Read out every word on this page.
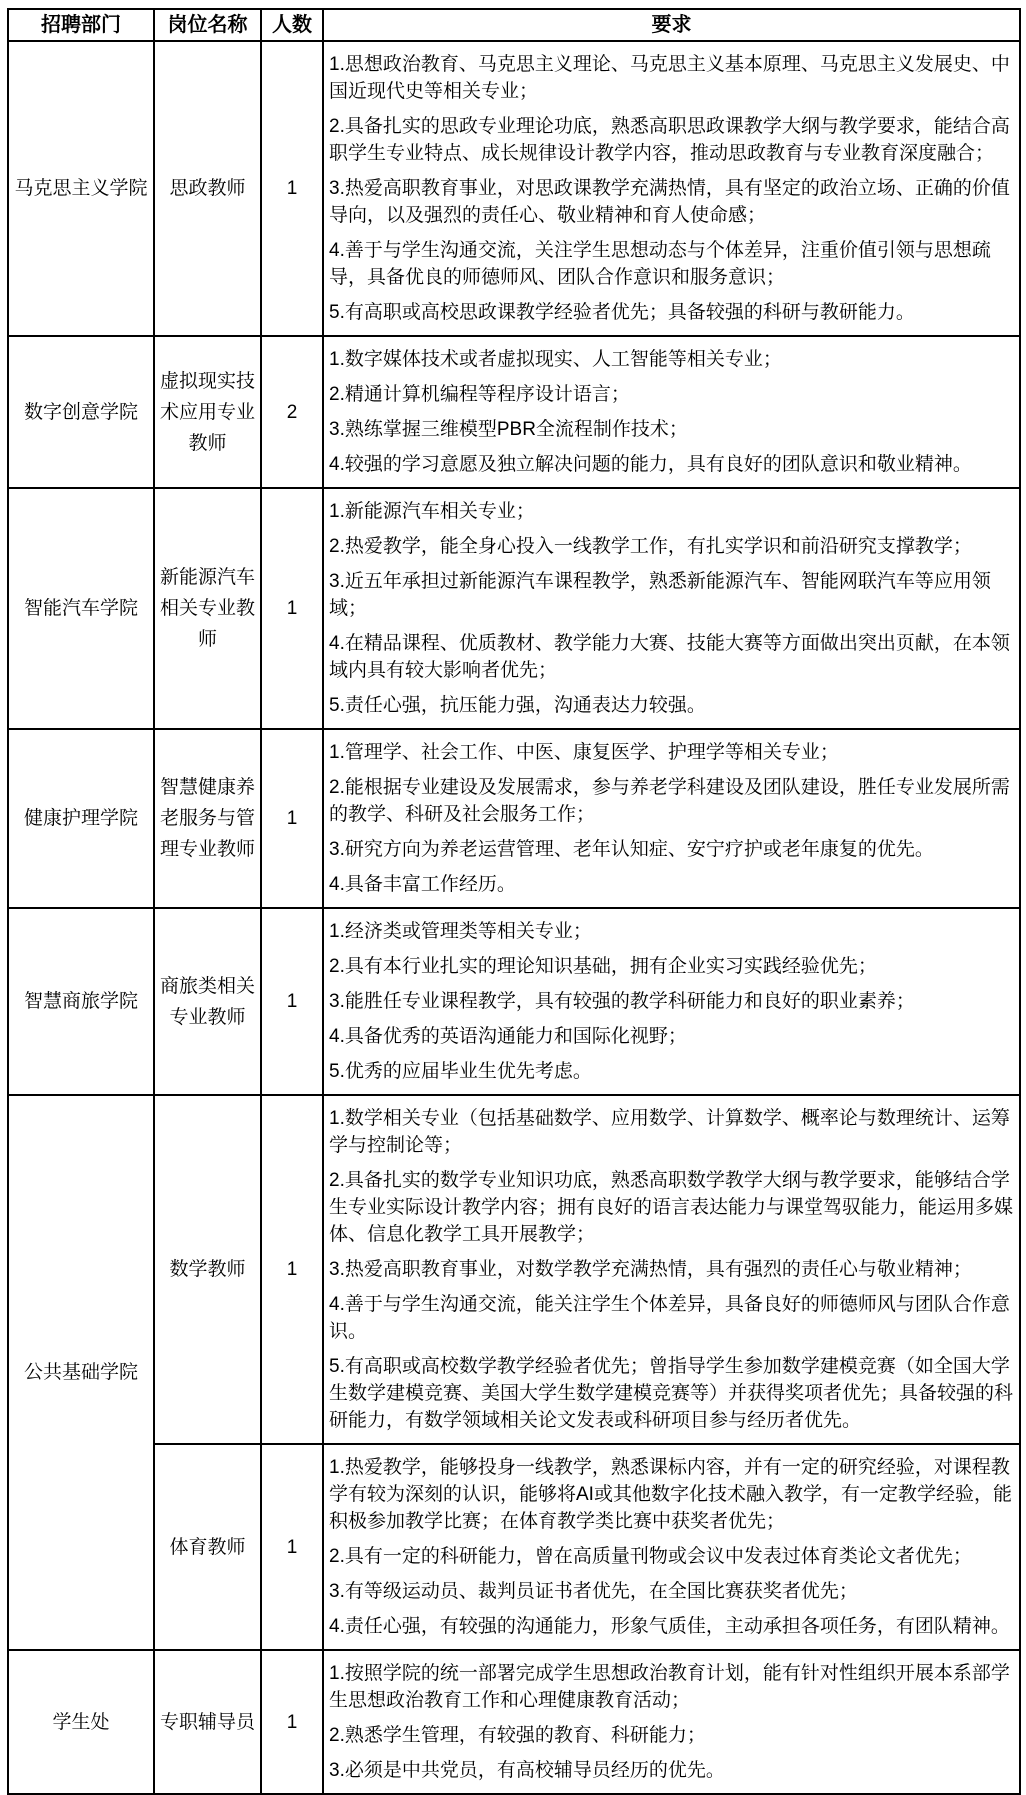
招聘部门	岗位名称	人数	要求
马克思主义学院	思政教师	1	1.思想政治教育、马克思主义理论、马克思主义基本原理、马克思主义发展史、中国近现代史等相关专业；

2.具备扎实的思政专业理论功底，熟悉高职思政课教学大纲与教学要求，能结合高职学生专业特点、成长规律设计教学内容，推动思政教育与专业教育深度融合；

3.热爱高职教育事业，对思政课教学充满热情，具有坚定的政治立场、正确的价值导向，以及强烈的责任心、敬业精神和育人使命感；

4.善于与学生沟通交流，关注学生思想动态与个体差异，注重价值引领与思想疏导，具备优良的师德师风、团队合作意识和服务意识；

5.有高职或高校思政课教学经验者优先；具备较强的科研与教研能力。

数字创意学院	虚拟现实技术应用专业教师	2	1.数字媒体技术或者虚拟现实、人工智能等相关专业；

2.精通计算机编程等程序设计语言；

3.熟练掌握三维模型PBR全流程制作技术；

4.较强的学习意愿及独立解决问题的能力，具有良好的团队意识和敬业精神。

智能汽车学院	新能源汽车相关专业教师	1	1.新能源汽车相关专业；

2.热爱教学，能全身心投入一线教学工作，有扎实学识和前沿研究支撑教学；

3.近五年承担过新能源汽车课程教学，熟悉新能源汽车、智能网联汽车等应用领域；

4.在精品课程、优质教材、教学能力大赛、技能大赛等方面做出突出页献，在本领域内具有较大影响者优先；

5.责任心强，抗压能力强，沟通表达力较强。

健康护理学院	智慧健康养老服务与管理专业教师	1	1.管理学、社会工作、中医、康复医学、护理学等相关专业；

2.能根据专业建设及发展需求，参与养老学科建设及团队建设，胜任专业发展所需的教学、科研及社会服务工作；

3.研究方向为养老运营管理、老年认知症、安宁疗护或老年康复的优先。

4.具备丰富工作经历。

智慧商旅学院	商旅类相关专业教师	1	1.经济类或管理类等相关专业；

2.具有本行业扎实的理论知识基础，拥有企业实习实践经验优先；

3.能胜任专业课程教学，具有较强的教学科研能力和良好的职业素养；

4.具备优秀的英语沟通能力和国际化视野；

5.优秀的应届毕业生优先考虑。

公共基础学院	数学教师	1	1.数学相关专业（包括基础数学、应用数学、计算数学、概率论与数理统计、运筹学与控制论等；

2.具备扎实的数学专业知识功底，熟悉高职数学教学大纲与教学要求，能够结合学生专业实际设计教学内容；拥有良好的语言表达能力与课堂驾驭能力，能运用多媒体、信息化教学工具开展教学；

3.热爱高职教育事业，对数学教学充满热情，具有强烈的责任心与敬业精神；

4.善于与学生沟通交流，能关注学生个体差异，具备良好的师德师风与团队合作意识。

5.有高职或高校数学教学经验者优先；曾指导学生参加数学建模竞赛（如全国大学生数学建模竞赛、美国大学生数学建模竞赛等）并获得奖项者优先；具备较强的科研能力，有数学领域相关论文发表或科研项目参与经历者优先。

	体育教师	1	1.热爱教学，能够投身一线教学，熟悉课标内容，并有一定的研究经验，对课程教学有较为深刻的认识，能够将AI或其他数字化技术融入教学，有一定教学经验，能积极参加教学比赛；在体育教学类比赛中获奖者优先；

2.具有一定的科研能力，曾在高质量刊物或会议中发表过体育类论文者优先；

3.有等级运动员、裁判员证书者优先，在全国比赛获奖者优先；

4.责任心强，有较强的沟通能力，形象气质佳，主动承担各项任务，有团队精神。

学生处	专职辅导员	1	1.按照学院的统一部署完成学生思想政治教育计划，能有针对性组织开展本系部学生思想政治教育工作和心理健康教育活动；

2.熟悉学生管理，有较强的教育、科研能力；

3.必须是中共党员，有高校辅导员经历的优先。
